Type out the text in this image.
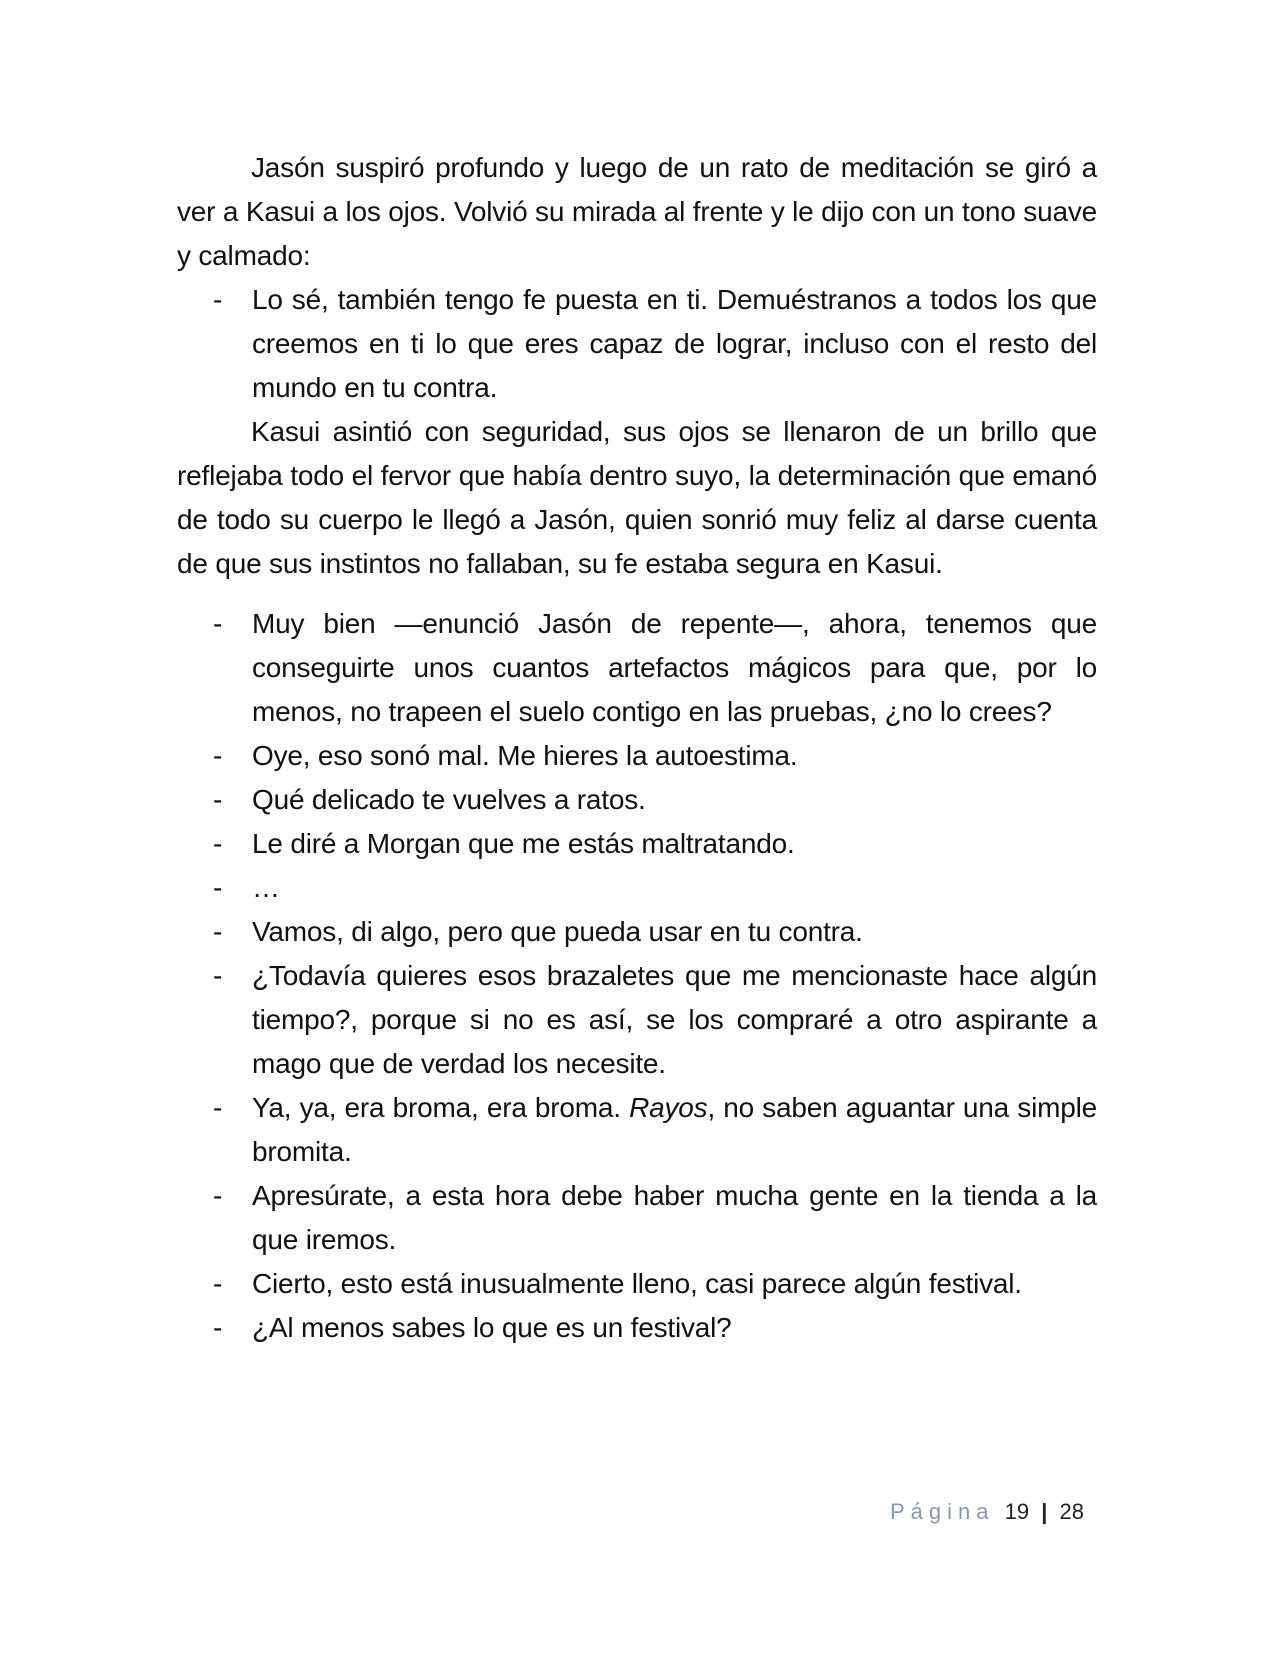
Jasón suspiró profundo y luego de un rato de meditación se giró a ver a Kasui a los ojos. Volvió su mirada al frente y le dijo con un tono suave y calmado:

- Lo sé, también tengo fe puesta en ti. Demuéstranos a todos los que creemos en ti lo que eres capaz de lograr, incluso con el resto del mundo en tu contra.

Kasui asintió con seguridad, sus ojos se llenaron de un brillo que reflejaba todo el fervor que había dentro suyo, la determinación que emanó de todo su cuerpo le llegó a Jasón, quien sonrió muy feliz al darse cuenta de que sus instintos no fallaban, su fe estaba segura en Kasui.

- Muy bien —enunció Jasón de repente—, ahora, tenemos que conseguirte unos cuantos artefactos mágicos para que, por lo menos, no trapeen el suelo contigo en las pruebas, ¿no lo crees?
- Oye, eso sonó mal. Me hieres la autoestima.
- Qué delicado te vuelves a ratos.
- Le diré a Morgan que me estás maltratando.
- …
- Vamos, di algo, pero que pueda usar en tu contra.
- ¿Todavía quieres esos brazaletes que me mencionaste hace algún tiempo?, porque si no es así, se los compraré a otro aspirante a mago que de verdad los necesite.
- Ya, ya, era broma, era broma. Rayos, no saben aguantar una simple bromita.
- Apresúrate, a esta hora debe haber mucha gente en la tienda a la que iremos.
- Cierto, esto está inusualmente lleno, casi parece algún festival.
- ¿Al menos sabes lo que es un festival?
Página 19 | 28
